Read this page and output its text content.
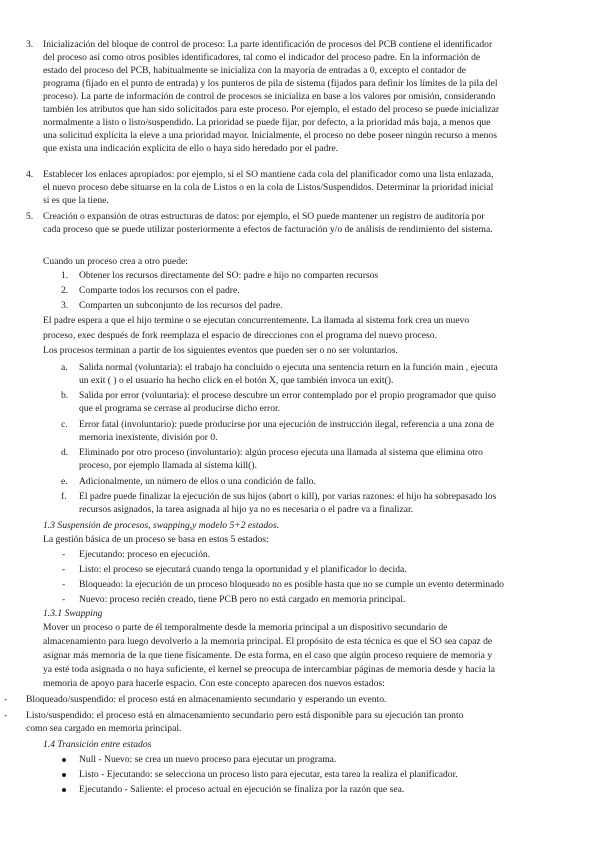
3. Inicialización del bloque de control de proceso: La parte identificación de procesos del PCB contiene el identificador
del proceso así como otros posibles identificadores, tal como el indicador del proceso padre. En la información de
estado del proceso del PCB, habitualmente se inicializa con la mayoría de entradas a 0, excepto el contador de
programa (fijado en el punto de entrada) y los punteros de pila de sistema (fijados para definir los límites de la pila del
proceso). La parte de información de control de procesos se inicializa en base a los valores por omisión, considerando
también los atributos que han sido solicitados para este proceso. Por ejemplo, el estado del proceso se puede inicializar
normalmente a listo o listo/suspendido. La prioridad se puede fijar, por defecto, a la prioridad más baja, a menos que
una solicitud explícita la eleve a una prioridad mayor. Inicialmente, el proceso no debe poseer ningún recurso a menos
que exista una indicación explícita de ello o haya sido heredado por el padre.
4. Establecer los enlaces apropiados: por ejemplo, si el SO mantiene cada cola del planificador como una lista enlazada,
el nuevo proceso debe situarse en la cola de Listos o en la cola de Listos/Suspendidos. Determinar la prioridad inicial
si es que la tiene.
5. Creación o expansión de otras estructuras de datos: por ejemplo, el SO puede mantener un registro de auditoría por
cada proceso que se puede utilizar posteriormente a efectos de facturación y/o de análisis de rendimiento del sistema.
Cuando un proceso crea a otro puede:
1. Obtener los recursos directamente del SO: padre e hijo no comparten recursos
2. Comparte todos los recursos con el padre.
3. Comparten un subconjunto de los recursos del padre.
El padre espera a que el hijo termine o se ejecutan concurrentemente. La llamada al sistema fork crea un nuevo
proceso, exec después de fork reemplaza el espacio de direcciones con el programa del nuevo proceso.
Los procesos terminan a partir de los siguientes eventos que pueden ser o no ser voluntarios.
a. Salida normal (voluntaria): el trabajo ha concluido o ejecuta una sentencia return en la función main , ejecuta
un exit ( ) o el usuario ha hecho click en el botón X, que también invoca un exit().
b. Salida por error (voluntaria): el proceso descubre un error contemplado por el propio programador que quiso
que el programa se cerrase al producirse dicho error.
c. Error fatal (involuntario): puede producirse por una ejecución de instrucción ilegal, referencia a una zona de
memoria inexistente, división por 0.
d. Eliminado por otro proceso (involuntario): algún proceso ejecuta una llamada al sistema que elimina otro
proceso, por ejemplo llamada al sistema kill().
e. Adicionalmente, un número de ellos o una condición de fallo.
f. El padre puede finalizar la ejecución de sus hijos (abort o kill), por varias razones: el hijo ha sobrepasado los
recursos asignados, la tarea asignada al hijo ya no es necesaria o el padre va a finalizar.
1.3 Suspensión de procesos, swapping,y modelo 5+2 estados.
La gestión básica de un proceso se basa en estos 5 estados:
- Ejecutando: proceso en ejecución.
- Listo: el proceso se ejecutará cuando tenga la oportunidad y el planificador lo decida.
- Bloqueado: la ejecución de un proceso bloqueado no es posible hasta que no se cumple un evento determinado
- Nuevo: proceso recién creado, tiene PCB pero no está cargado en memoria principal.
1.3.1 Swapping
Mover un proceso o parte de él temporalmente desde la memoria principal a un dispositivo secundario de
almacenamiento para luego devolverlo a la memoria principal. El propósito de esta técnica es que el SO sea capaz de
asignar más memoria de la que tiene físicamente. De esta forma, en el caso que algún proceso requiere de memoria y
ya esté toda asignada o no haya suficiente, el kernel se preocupa de intercambiar páginas de memoria desde y hacia la
memoria de apoyo para hacerle espacio. Con este concepto aparecen dos nuevos estados:
- Bloqueado/suspendido: el proceso está en almacenamiento secundario y esperando un evento.
- Listo/suspendido: el proceso está en almacenamiento secundario pero está disponible para su ejecución tan pronto
como sea cargado en memoria principal.
1.4 Transición entre estados
Null - Nuevo: se crea un nuevo proceso para ejecutar un programa.
Listo - Ejecutando: se selecciona un proceso listo para ejecutar, esta tarea la realiza el planificador.
Ejecutando - Saliente: el proceso actual en ejecución se finaliza por la razón que sea.
